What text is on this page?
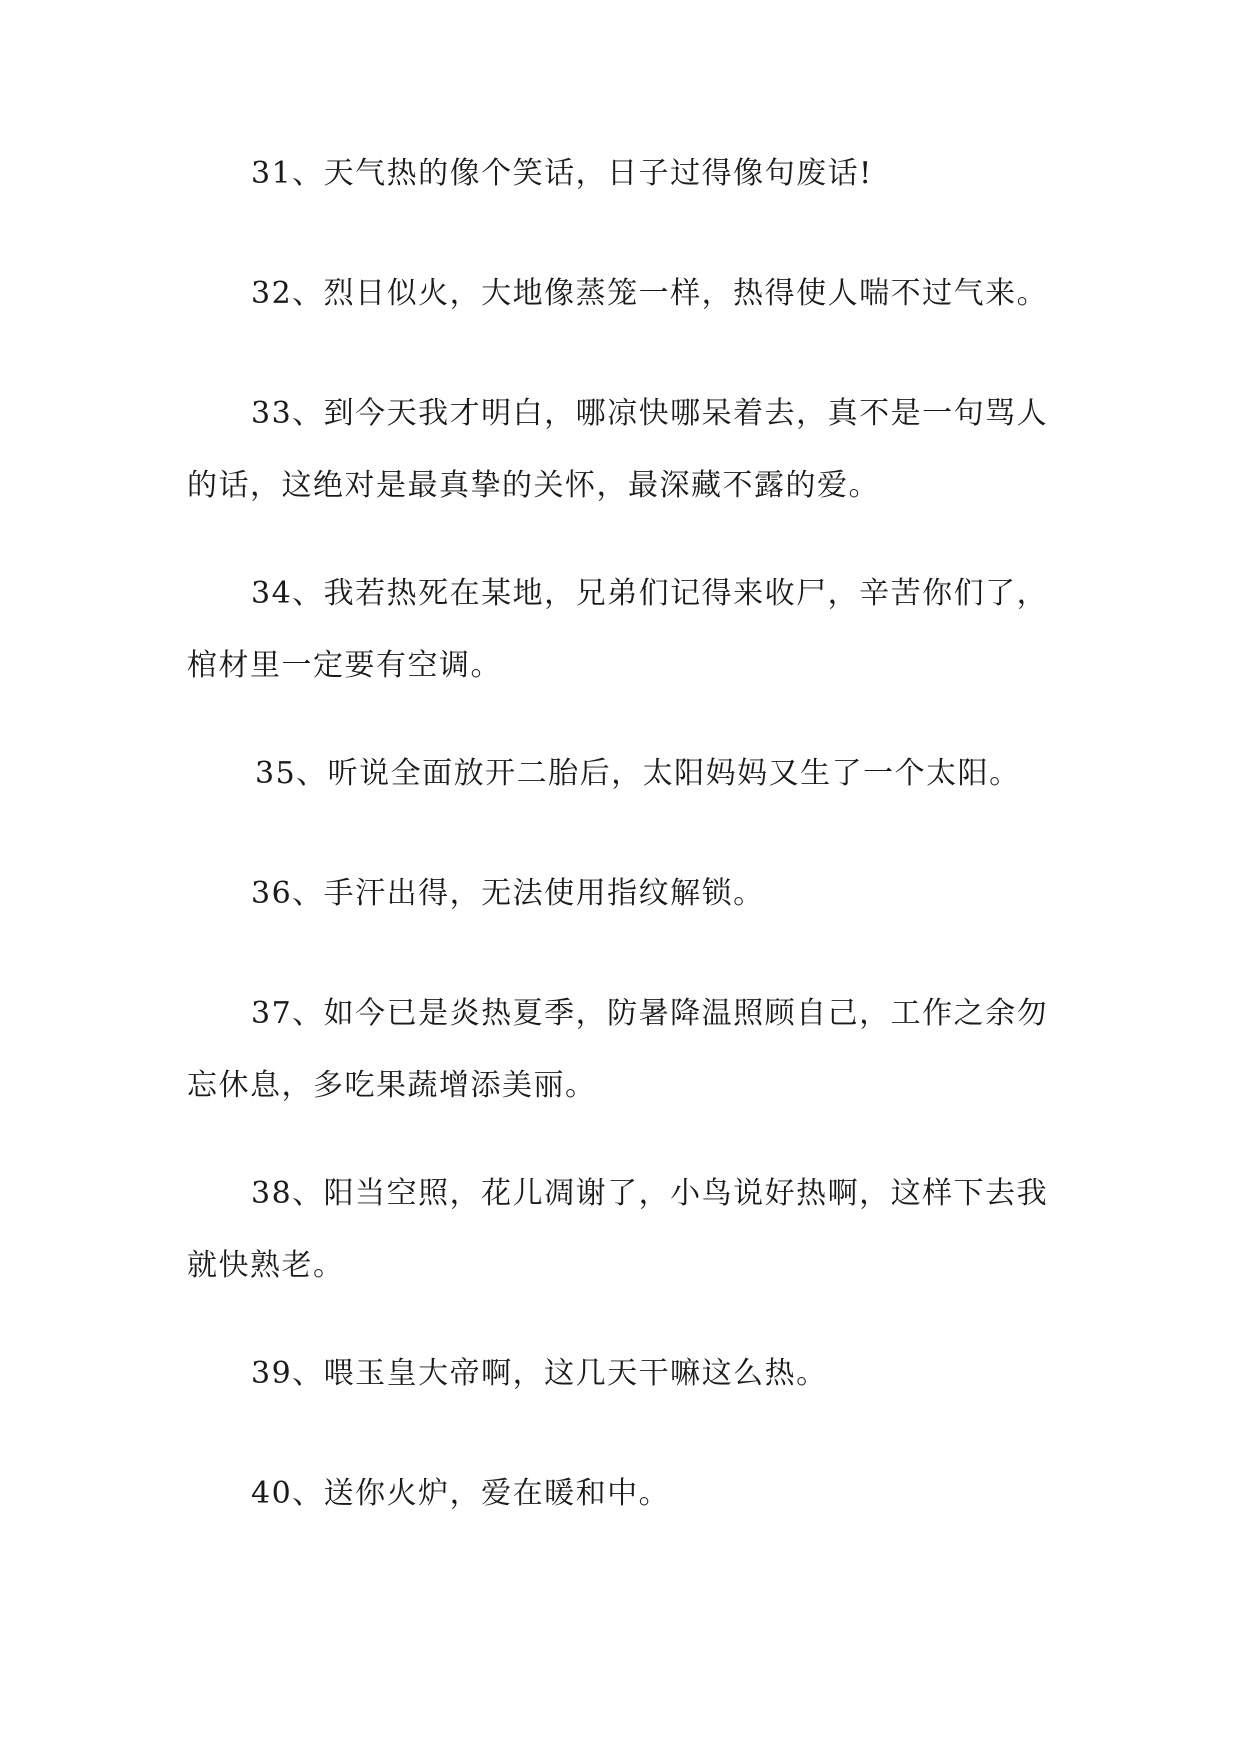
31、天气热的像个笑话，日子过得像句废话!

32、烈日似火，大地像蒸笼一样，热得使人喘不过气来。

33、到今天我才明白，哪凉快哪呆着去，真不是一句骂人的话，这绝对是最真挚的关怀，最深藏不露的爱。

34、我若热死在某地，兄弟们记得来收尸，辛苦你们了，棺材里一定要有空调。

35、听说全面放开二胎后，太阳妈妈又生了一个太阳。

36、手汗出得，无法使用指纹解锁。

37、如今已是炎热夏季，防暑降温照顾自己，工作之余勿忘休息，多吃果蔬增添美丽。

38、阳当空照，花儿凋谢了，小鸟说好热啊，这样下去我就快熟老。

39、喂玉皇大帝啊，这几天干嘛这么热。

40、送你火炉，爱在暖和中。
